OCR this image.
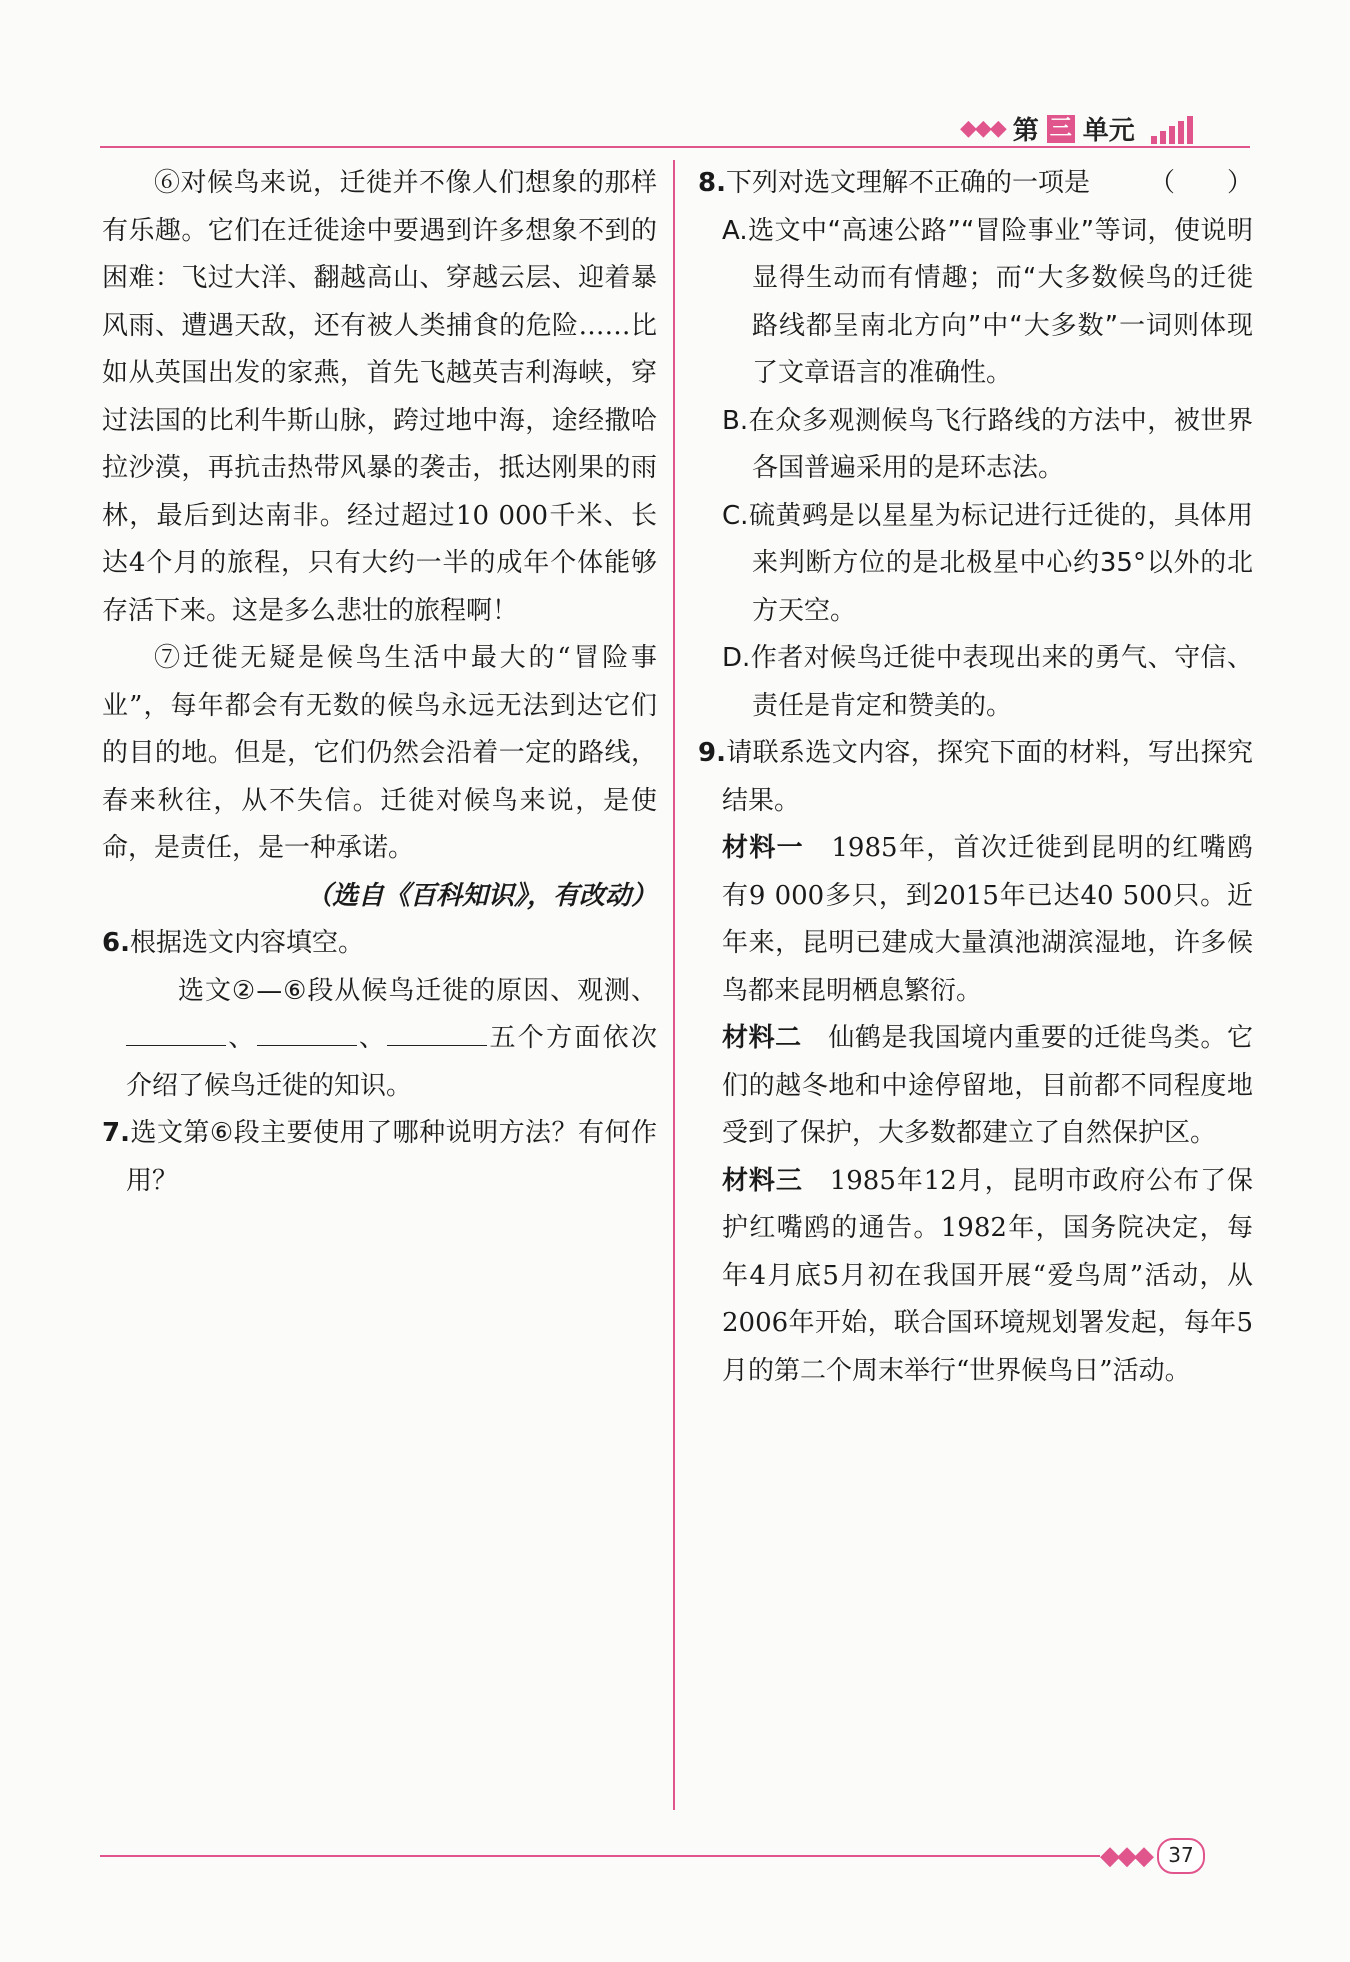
◆◆◆ 第 三 单元

⑥对候鸟来说，迁徙并不像人们想象的那样有乐趣。它们在迁徙途中要遇到许多想象不到的困难：飞过大洋、翻越高山、穿越云层、迎着暴风雨、遭遇天敌，还有被人类捕食的危险……比如从英国出发的家燕，首先飞越英吉利海峡，穿过法国的比利牛斯山脉，跨过地中海，途经撒哈拉沙漠，再抗击热带风暴的袭击，抵达刚果的雨林，最后到达南非。经过超过10 000千米、长达4个月的旅程，只有大约一半的成年个体能够存活下来。这是多么悲壮的旅程啊！

⑦迁徙无疑是候鸟生活中最大的“冒险事业”，每年都会有无数的候鸟永远无法到达它们的目的地。但是，它们仍然会沿着一定的路线，春来秋往，从不失信。迁徙对候鸟来说，是使命，是责任，是一种承诺。

（选自《百科知识》，有改动）

6.根据选文内容填空。

选文②—⑥段从候鸟迁徙的原因、观测、、	、	五个方面依次介绍了候鸟迁徙的知识。

7.选文第⑥段主要使用了哪种说明方法？有何作用？

8.下列对选文理解不正确的一项是 （　　）

A.选文中“高速公路”“冒险事业”等词，使说明显得生动而有情趣；而“大多数候鸟的迁徙路线都呈南北方向”中“大多数”一词则体现了文章语言的准确性。

B.在众多观测候鸟飞行路线的方法中，被世界各国普遍采用的是环志法。

C.硫黄鹀是以星星为标记进行迁徙的，具体用来判断方位的是北极星中心约35°以外的北方天空。

D.作者对候鸟迁徙中表现出来的勇气、守信、责任是肯定和赞美的。

9.请联系选文内容，探究下面的材料，写出探究结果。

材料一　 1985年，首次迁徙到昆明的红嘴鸥有9 000多只，到2015年已达40 500只。近年来，昆明已建成大量滇池湖滨湿地，许多候鸟都来昆明栖息繁衍。

材料二　 仙鹤是我国境内重要的迁徙鸟类。它们的越冬地和中途停留地，目前都不同程度地受到了保护，大多数都建立了自然保护区。

材料三　 1985年12月，昆明市政府公布了保护红嘴鸥的通告。1982年，国务院决定，每年4月底5月初在我国开展“爱鸟周”活动，从2006年开始，联合国环境规划署发起，每年5月的第二个周末举行“世界候鸟日”活动。

◆◆◆ 37
